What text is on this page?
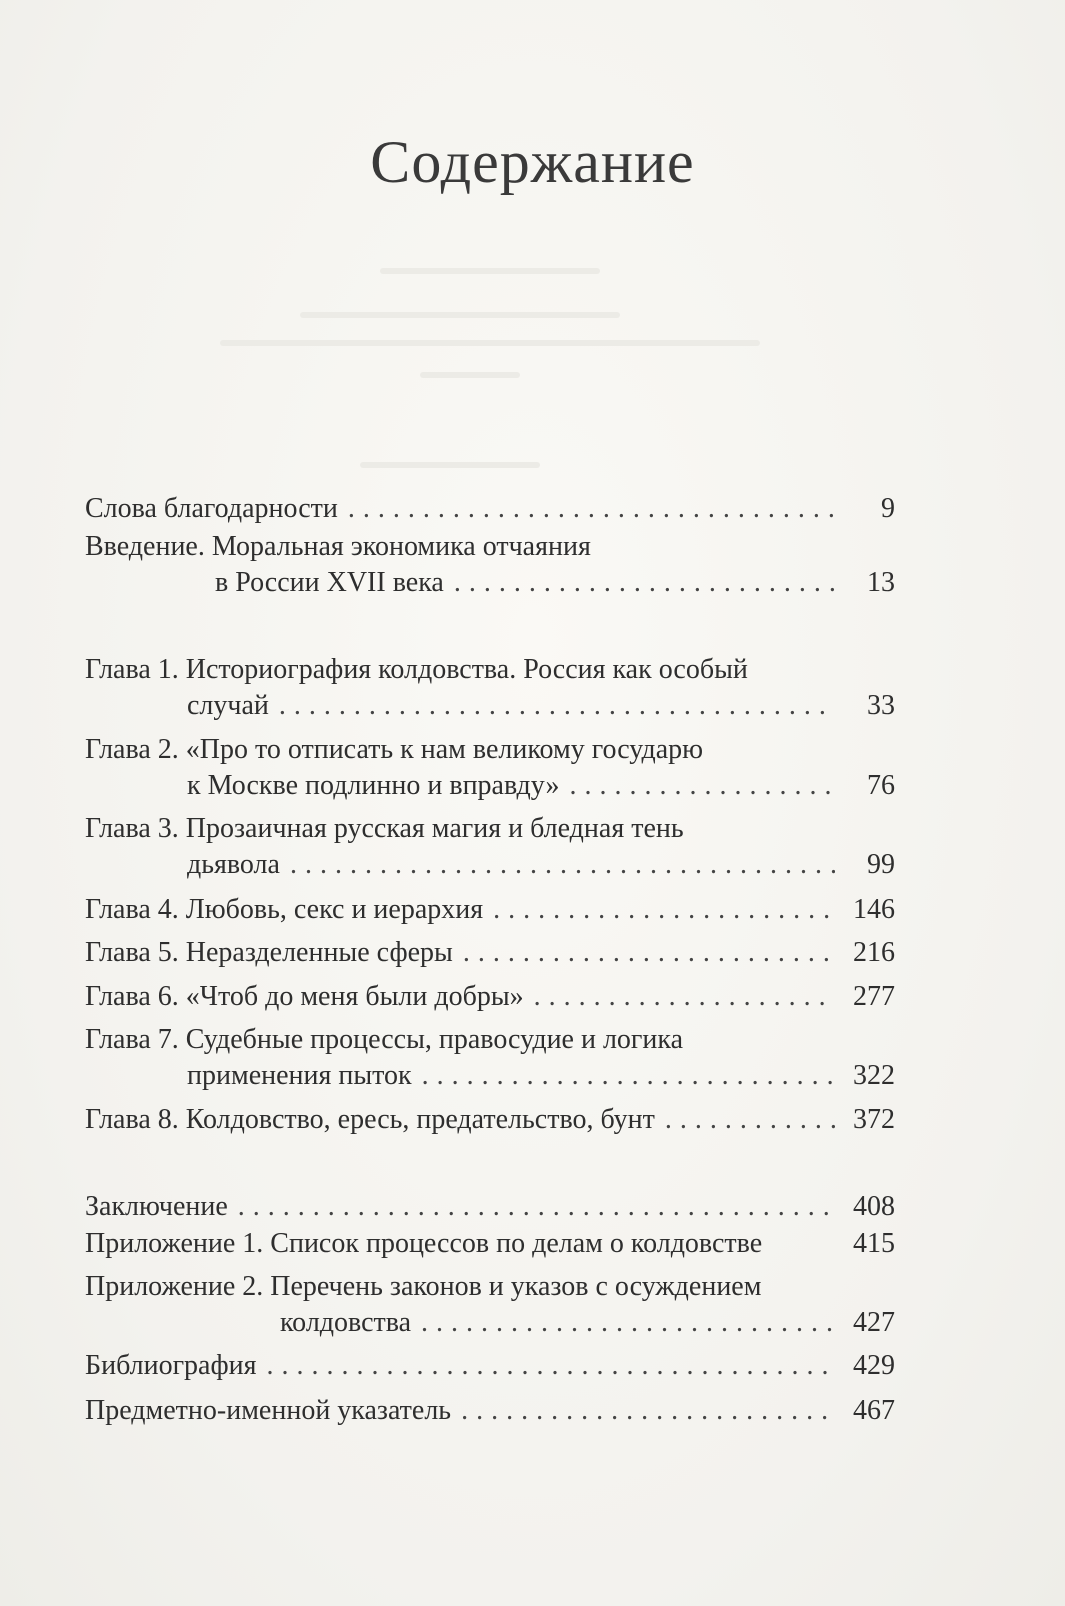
Содержание
Слова благодарности . . .	9
Введение. Моральная экономика отчаяния
в России XVII века . . .	13
Глава 1. Историография колдовства. Россия как особый
случай . . .	33
Глава 2. «Про то отписать к нам великому государю
к Москве подлинно и вправду» . . .	76
Глава 3. Прозаичная русская магия и бледная тень
дьявола . . .	99
Глава 4. Любовь, секс и иерархия . . .	146
Глава 5. Неразделенные сферы . . .	216
Глава 6. «Чтоб до меня были добры» . . .	277
Глава 7. Судебные процессы, правосудие и логика
применения пыток . . .	322
Глава 8. Колдовство, ересь, предательство, бунт . . .	372
Заключение . . .	408
Приложение 1. Список процессов по делам о колдовстве	415
Приложение 2. Перечень законов и указов с осуждением
колдовства . . .	427
Библиография . . .	429
Предметно-именной указатель . . .	467
